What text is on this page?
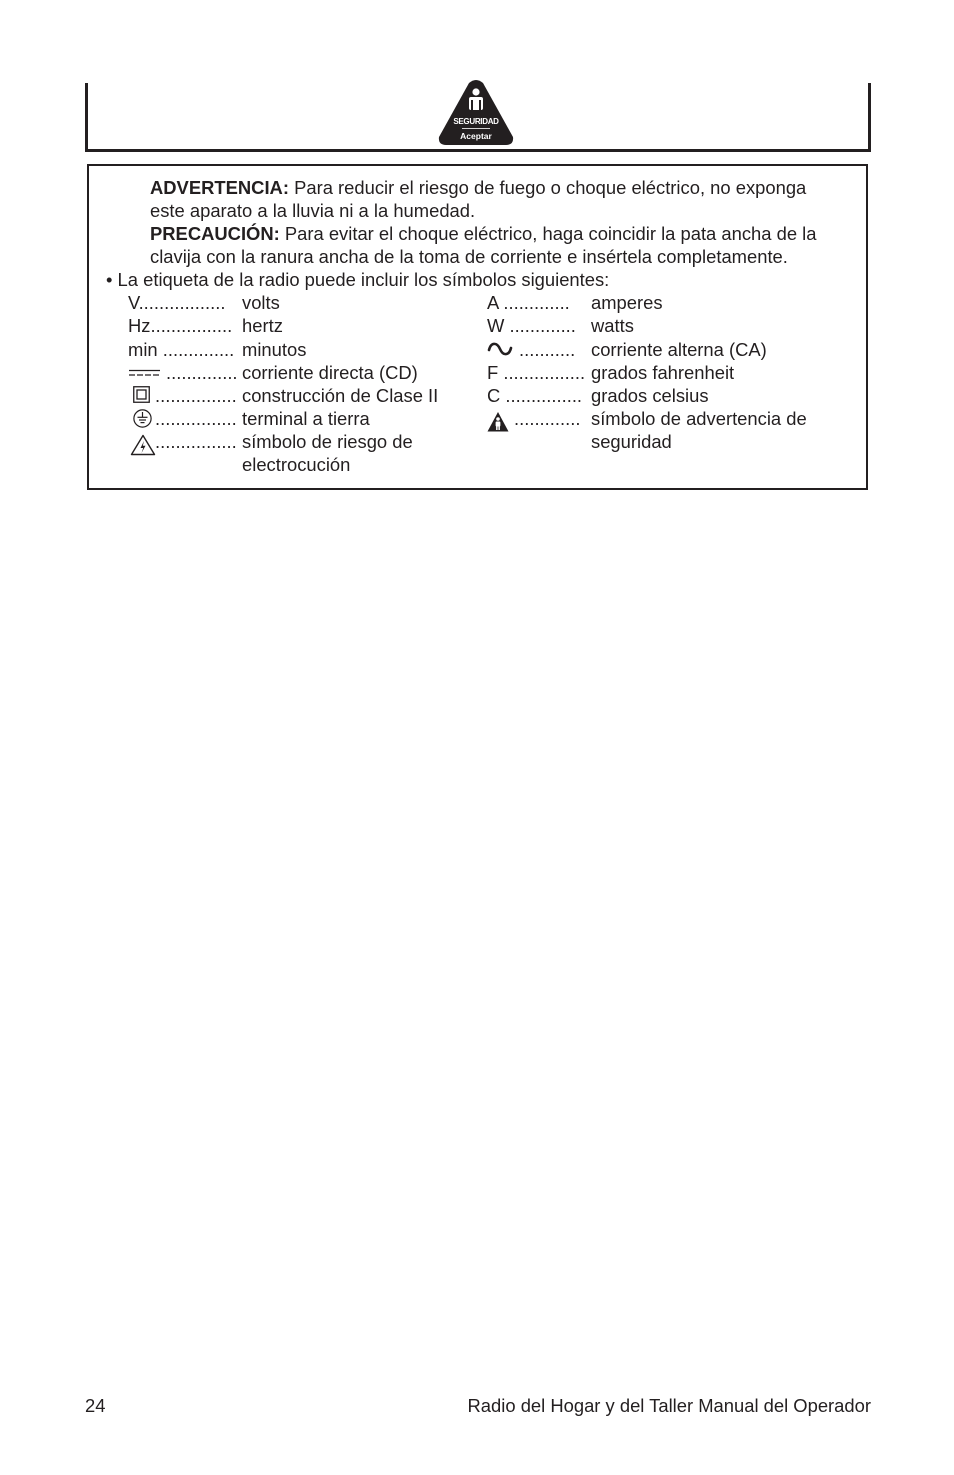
SEGURIDAD
Aceptar
ADVERTENCIA: Para reducir el riesgo de fuego o choque eléctrico, no exponga
este aparato a la lluvia ni a la humedad.
PRECAUCIÓN: Para evitar el choque eléctrico, haga coincidir la pata ancha de la
clavija con la ranura ancha de la toma de corriente e insértela completamente.
• La etiqueta de la radio puede incluir los símbolos siguientes:
V................. volts
Hz................ hertz
min .............. minutos
.............. corriente directa (CD)
................ construcción de Clase II
................ terminal a tierra
................ símbolo de riesgo de
electrocución
A ............. amperes
W ............. watts
........... corriente alterna (CA)
F ................ grados fahrenheit
C ............... grados celsius
............. símbolo de advertencia de
seguridad
24	Radio del Hogar y del Taller Manual del Operador
